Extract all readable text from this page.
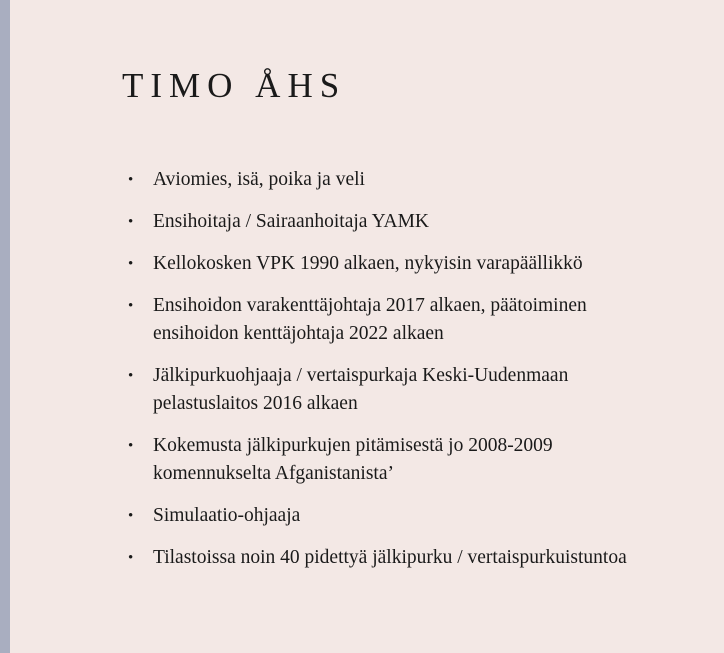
TIMO ÅHS
• Aviomies, isä, poika ja veli
• Ensihoitaja / Sairaanhoitaja YAMK
• Kellokosken VPK 1990 alkaen, nykyisin varapäällikkö
• Ensihoidon varakenttäjohtaja 2017 alkaen, päätoiminen
ensihoidon kenttäjohtaja 2022 alkaen
• Jälkipurkuohjaaja / vertaispurkaja Keski-Uudenmaan
pelastuslaitos 2016 alkaen
• Kokemusta jälkipurkujen pitämisestä jo 2008-2009
komennukselta Afganistanista’
• Simulaatio-ohjaaja
• Tilastoissa noin 40 pidettyä jälkipurku / vertaispurkuistuntoa
